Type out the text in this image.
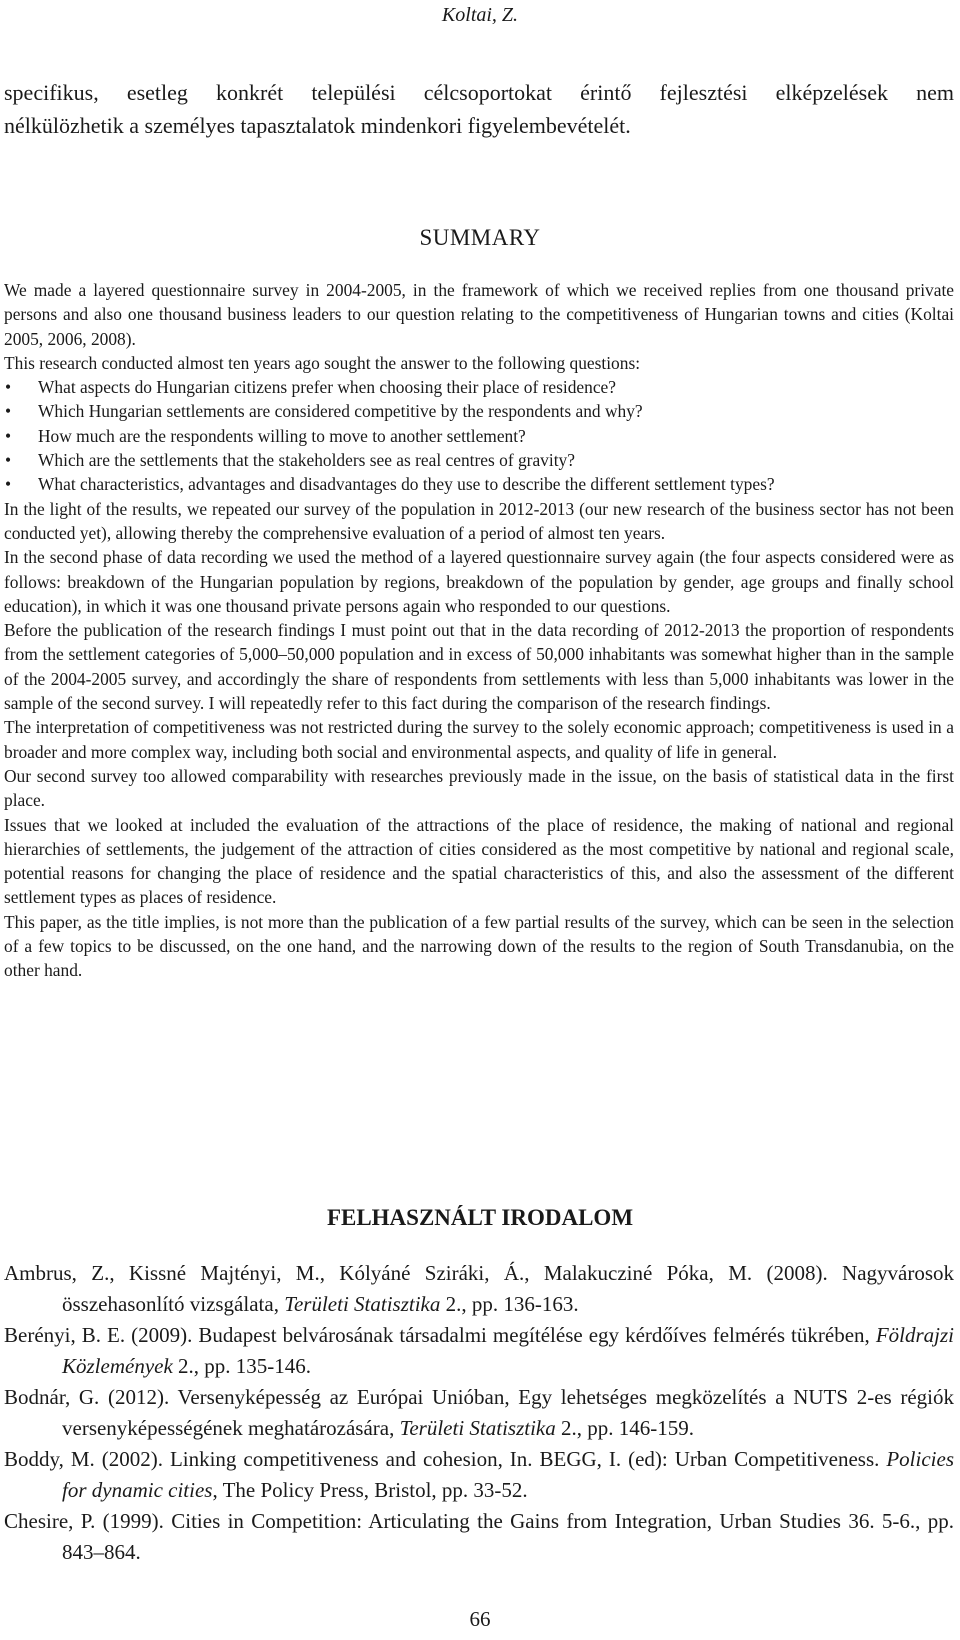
Koltai, Z.
specifikus, esetleg konkrét települési célcsoportokat érintő fejlesztési elképzelések nem
nélkülözhetik a személyes tapasztalatok mindenkori figyelembevételét.
SUMMARY

We made a layered questionnaire survey in 2004-2005, in the framework of which we received replies from one thousand private persons and also one thousand business leaders to our question relating to the competitiveness of Hungarian towns and cities (Koltai 2005, 2006, 2008).

This research conducted almost ten years ago sought the answer to the following questions:

• What aspects do Hungarian citizens prefer when choosing their place of residence?
• Which Hungarian settlements are considered competitive by the respondents and why?
• How much are the respondents willing to move to another settlement?
• Which are the settlements that the stakeholders see as real centres of gravity?
• What characteristics, advantages and disadvantages do they use to describe the different settlement types?

In the light of the results, we repeated our survey of the population in 2012-2013 (our new research of the business sector has not been conducted yet), allowing thereby the comprehensive evaluation of a period of almost ten years.

In the second phase of data recording we used the method of a layered questionnaire survey again (the four aspects considered were as follows: breakdown of the Hungarian population by regions, breakdown of the population by gender, age groups and finally school education), in which it was one thousand private persons again who responded to our questions.

Before the publication of the research findings I must point out that in the data recording of 2012-2013 the proportion of respondents from the settlement categories of 5,000–50,000 population and in excess of 50,000 inhabitants was somewhat higher than in the sample of the 2004-2005 survey, and accordingly the share of respondents from settlements with less than 5,000 inhabitants was lower in the sample of the second survey. I will repeatedly refer to this fact during the comparison of the research findings.

The interpretation of competitiveness was not restricted during the survey to the solely economic approach; competitiveness is used in a broader and more complex way, including both social and environmental aspects, and quality of life in general.

Our second survey too allowed comparability with researches previously made in the issue, on the basis of statistical data in the first place.

Issues that we looked at included the evaluation of the attractions of the place of residence, the making of national and regional hierarchies of settlements, the judgement of the attraction of cities considered as the most competitive by national and regional scale, potential reasons for changing the place of residence and the spatial characteristics of this, and also the assessment of the different settlement types as places of residence.

This paper, as the title implies, is not more than the publication of a few partial results of the survey, which can be seen in the selection of a few topics to be discussed, on the one hand, and the narrowing down of the results to the region of South Transdanubia, on the other hand.

FELHASZNÁLT IRODALOM

Ambrus, Z., Kissné Majtényi, M., Kólyáné Sziráki, Á., Malakucziné Póka, M. (2008). Nagyvárosok összehasonlító vizsgálata, Területi Statisztika 2., pp. 136-163.

Berényi, B. E. (2009). Budapest belvárosának társadalmi megítélése egy kérdőíves felmérés tükrében, Földrajzi Közlemények 2., pp. 135-146.

Bodnár, G. (2012). Versenyképesség az Európai Unióban, Egy lehetséges megközelítés a NUTS 2-es régiók versenyképességének meghatározására, Területi Statisztika 2., pp. 146-159.

Boddy, M. (2002). Linking competitiveness and cohesion, In. BEGG, I. (ed): Urban Competitiveness. Policies for dynamic cities, The Policy Press, Bristol, pp. 33-52.

Chesire, P. (1999). Cities in Competition: Articulating the Gains from Integration, Urban Studies 36. 5-6., pp. 843–864.

66
